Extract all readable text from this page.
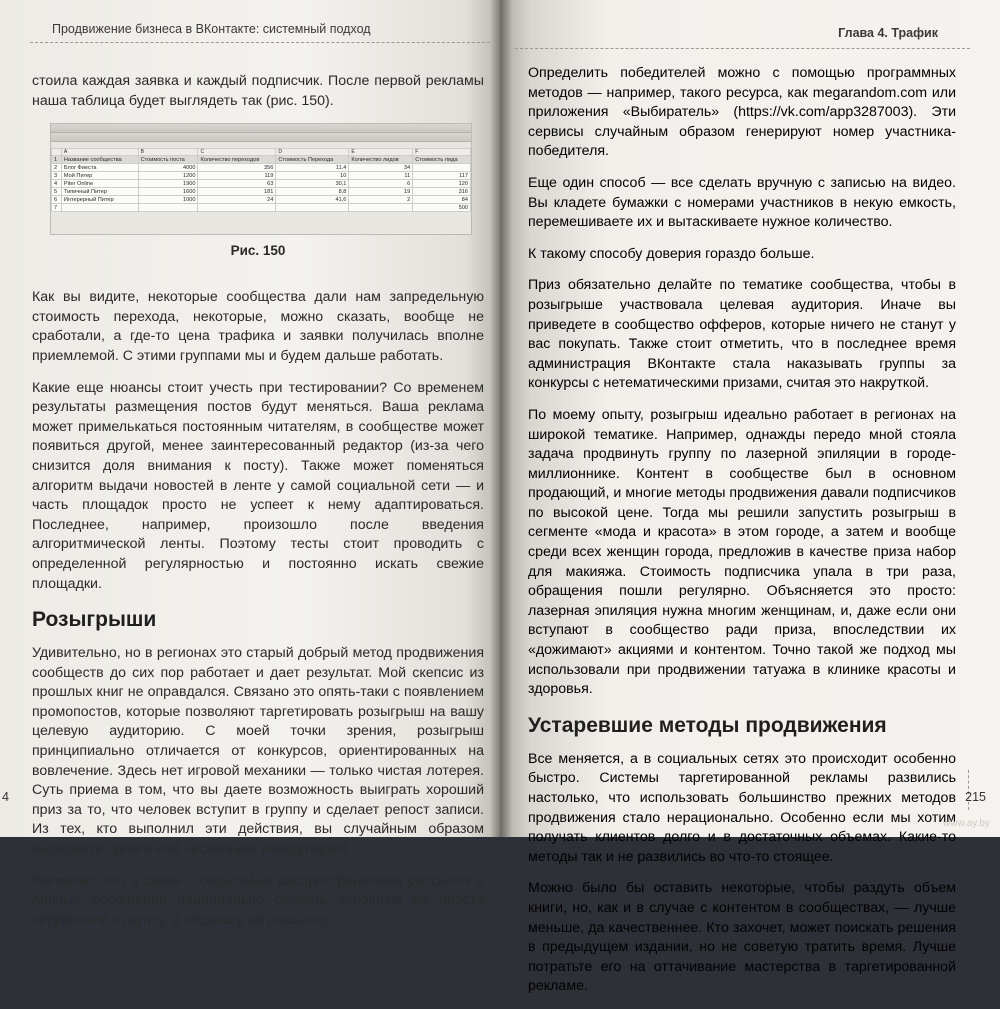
Продвижение бизнеса в ВКонтакте: системный подход

стоила каждая заявка и каждый подписчик. После первой рекламы наша таблица будет выглядеть так (рис. 150).

	A	B	C	D	E	F
1	Название сообщества	Стоимость поста	Количество переходов	Стоимость Перехода	Количество лидов	Стоимость лида
2	Блог Фиеста	4000	356	11,4	34	
3	Мой Питер	1200	119	10	11	117
4	Piter Online	1900	63	30,1	6	120
5	Типичный Питер	1600	181	8,8	19	316
6	Интерерный Питер	1000	24	41,6	2	84
7						500
Рис. 150

Как вы видите, некоторые сообщества дали нам запредельную стоимость перехода, некоторые, можно сказать, вообще не сработали, а где-то цена трафика и заявки получилась вполне приемлемой. С этими группами мы и будем дальше работать.

Какие еще нюансы стоит учесть при тестировании? Со временем результаты размещения постов будут меняться. Ваша реклама может примелькаться постоянным читателям, в сообществе может появиться другой, менее заинтересованный редактор (из-за чего снизится доля внимания к посту). Также может поменяться алгоритм выдачи новостей в ленте у самой социальной сети — и часть площадок просто не успеет к нему адаптироваться. Последнее, например, произошло после введения алгоритмической ленты. Поэтому тесты стоит проводить с определенной регулярностью и постоянно искать свежие площадки.

Розыгрыши

Удивительно, но в регионах это старый добрый метод продвижения сообществ до сих пор работает и дает результат. Мой скепсис из прошлых книг не оправдался. Связано это опять-таки с появлением промопостов, которые позволяют таргетировать розыгрыш на вашу целевую аудиторию. С моей точки зрения, розыгрыш принципиально отличается от конкурсов, ориентированных на вовлечение. Здесь нет игровой механики — только чистая лотерея. Суть приема в том, что вы даете возможность выиграть хороший приз за то, что человек вступит в группу и сделает репост записи. Из тех, кто выполнил эти действия, вы случайным образом выбираете одного или нескольких победителей.

Напомню, что в связи с серьезным распространением рассылок в личные сообщения рационально сделать условием не просто вступление в группу, а подписку на рассылку.

4
Глава 4. Трафик

Определить победителей можно с помощью программных методов — например, такого ресурса, как megarandom.com или приложения «Выбиратель» (https://vk.com/app3287003). Эти сервисы случайным образом генерируют номер участника-победителя.

Еще один способ — все сделать вручную с записью на видео. Вы кладете бумажки с номерами участников в некую емкость, перемешиваете их и вытаскиваете нужное количество.

К такому способу доверия гораздо больше.

Приз обязательно делайте по тематике сообщества, чтобы в розыгрыше участвовала целевая аудитория. Иначе вы приведете в сообщество офферов, которые ничего не станут у вас покупать. Также стоит отметить, что в последнее время администрация ВКонтакте стала наказывать группы за конкурсы с нетематическими призами, считая это накруткой.

По моему опыту, розыгрыш идеально работает в регионах на широкой тематике. Например, однажды передо мной стояла задача продвинуть группу по лазерной эпиляции в городе-миллионнике. Контент в сообществе был в основном продающий, и многие методы продвижения давали подписчиков по высокой цене. Тогда мы решили запустить розыгрыш в сегменте «мода и красота» в этом городе, а затем и вообще среди всех женщин города, предложив в качестве приза набор для макияжа. Стоимость подписчика упала в три раза, обращения пошли регулярно. Объясняется это просто: лазерная эпиляция нужна многим женщинам, и, даже если они вступают в сообщество ради приза, впоследствии их «дожимают» акциями и контентом. Точно такой же подход мы использовали при продвижении татуажа в клинике красоты и здоровья.

Устаревшие методы продвижения

Все меняется, а в социальных сетях это происходит особенно быстро. Системы таргетированной рекламы развились настолько, что использовать большинство прежних методов продвижения стало нерационально. Особенно если мы хотим получать клиентов долго и в достаточных объемах. Какие-то методы так и не развились во что-то стоящее.

Можно было бы оставить некоторые, чтобы раздуть объем книги, но, как и в случае с контентом в сообществах, — лучше меньше, да качественнее. Кто захочет, может поискать решения в предыдущем издании, но не советую тратить время. Лучше потратьте его на оттачивание мастерства в таргетированной рекламе.

215
www.ay.by
